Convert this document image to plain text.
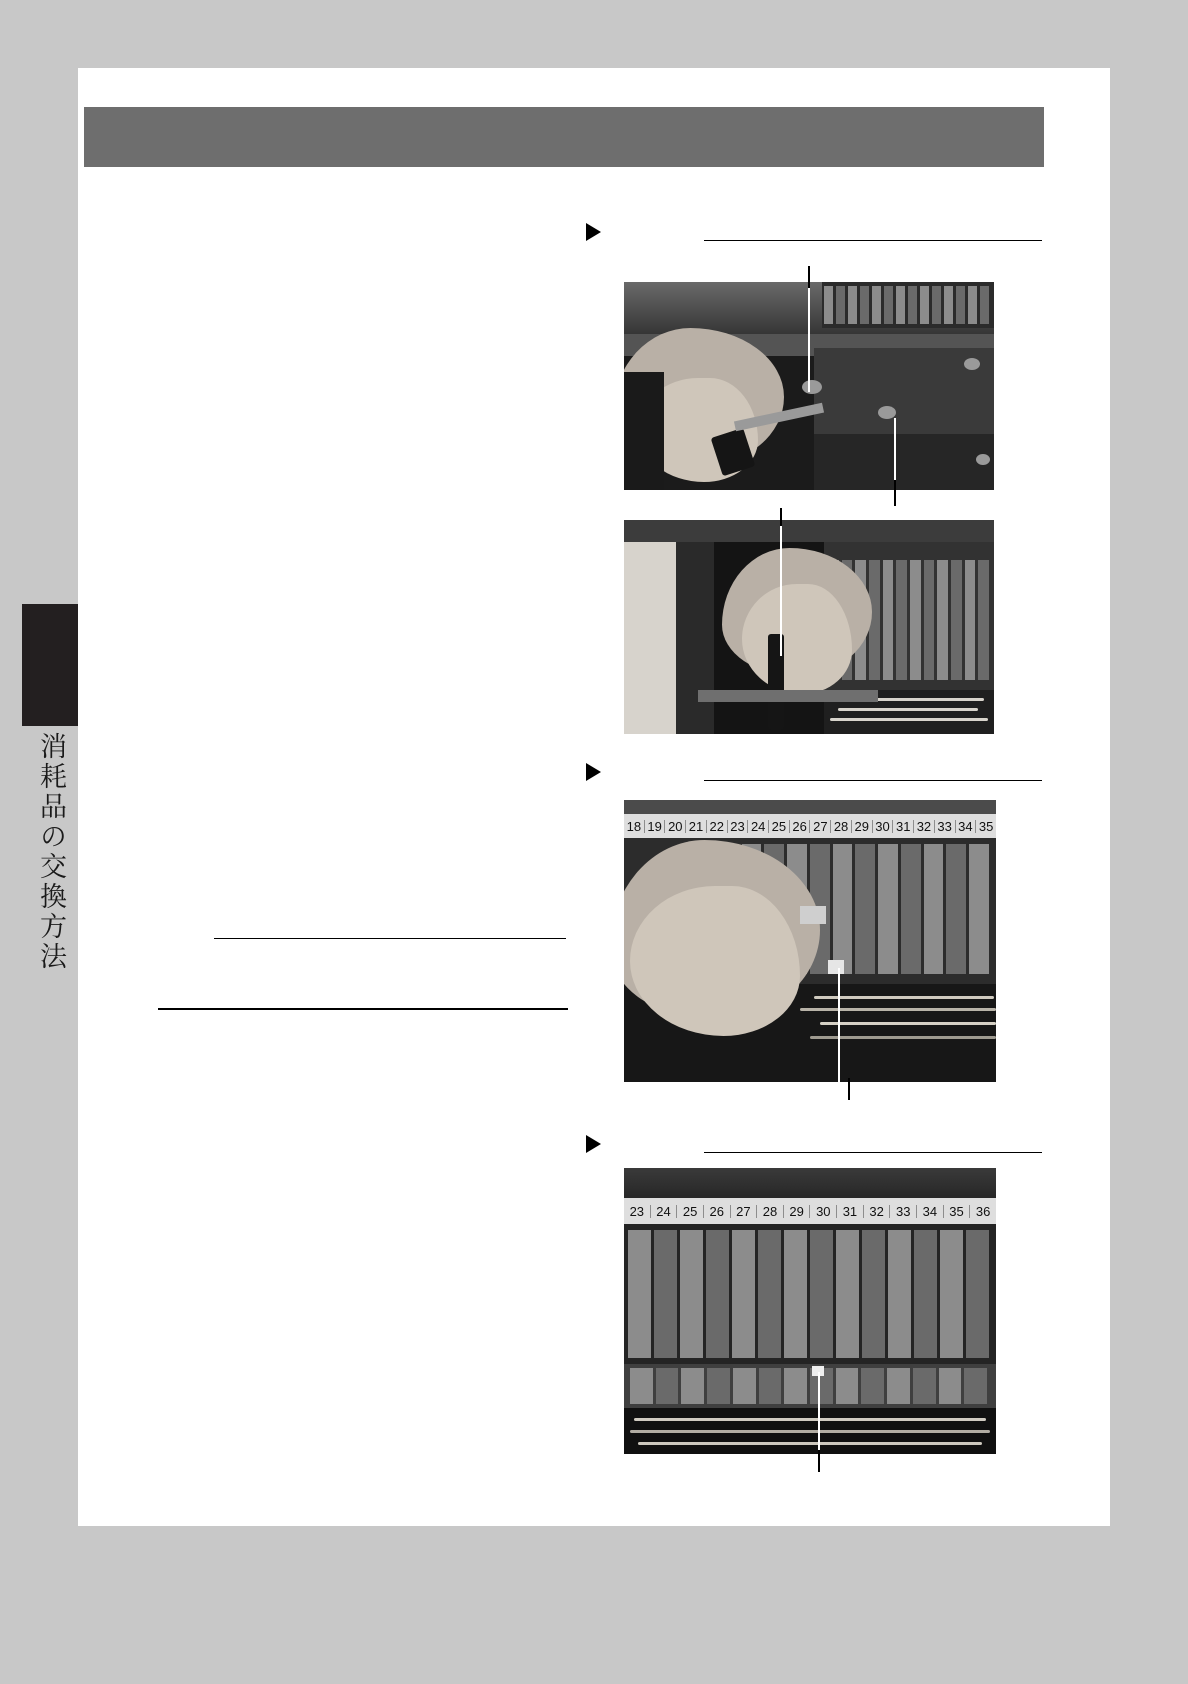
消耗品の交換方法	18 19 20 21 22 23 24 25 26 27 28 29 30 31 32 33 34 35
23 24 25 26 27 28 29 30 31 32 33 34 35 36
